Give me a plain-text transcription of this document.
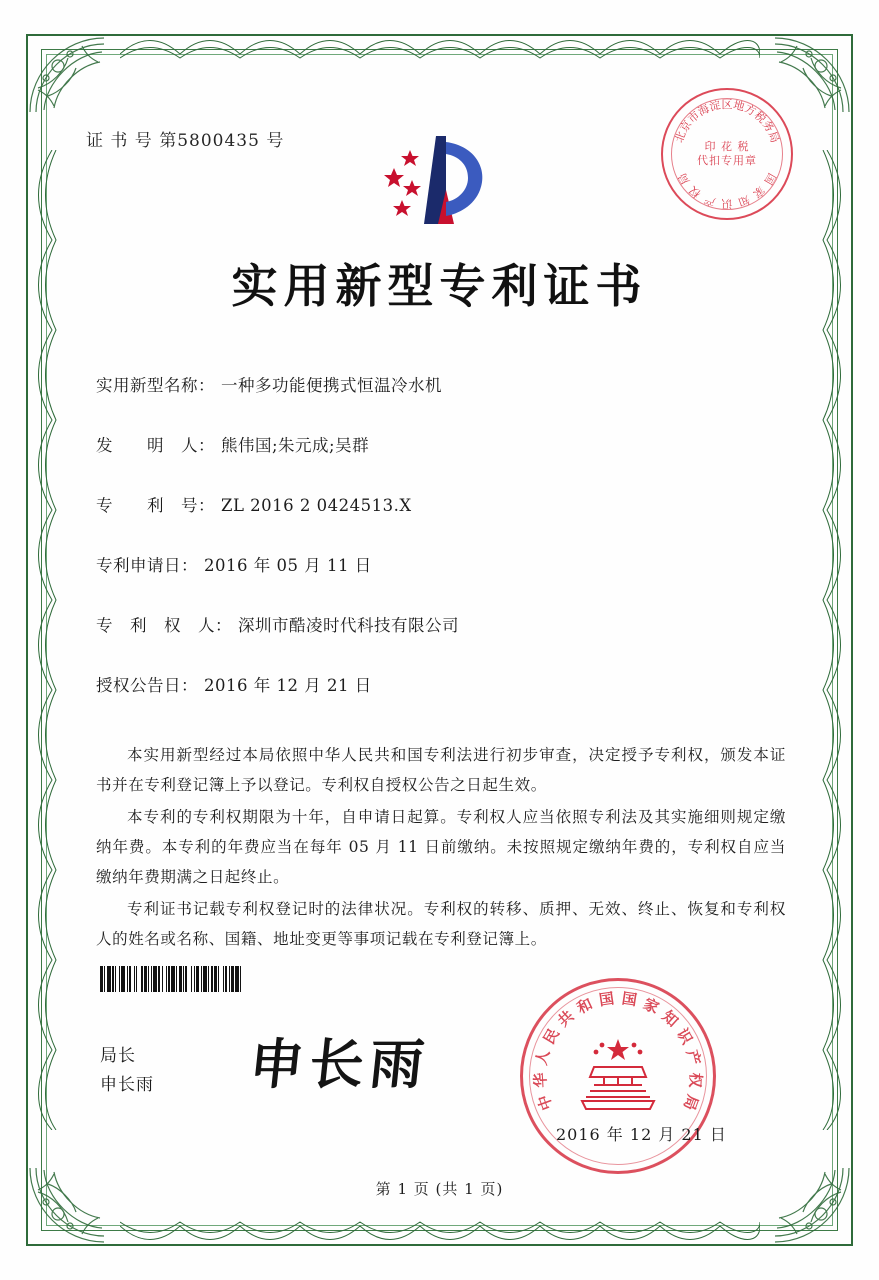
证 书 号 第5800435 号	印 花 税
代扣专用章
北
京
市
海
淀 区 地
方
税
务
局
国
家
知
识
产
权
局
实用新型专利证书
实用新型名称： 一种多功能便携式恒温冷水机
发　　明　人： 熊伟国;朱元成;吴群
专　　利　号： ZL 2016 2 0424513.X
专利申请日： 2016 年 05 月 11 日
专　利　权　人： 深圳市酷凌时代科技有限公司
授权公告日： 2016 年 12 月 21 日

本实用新型经过本局依照中华人民共和国专利法进行初步审查，决定授予专利权，颁发本证书并在专利登记簿上予以登记。专利权自授权公告之日起生效。

本专利的专利权期限为十年，自申请日起算。专利权人应当依照专利法及其实施细则规定缴纳年费。本专利的年费应当在每年 05 月 11 日前缴纳。未按照规定缴纳年费的，专利权自应当缴纳年费期满之日起终止。

专利证书记载专利权登记时的法律状况。专利权的转移、质押、无效、终止、恢复和专利权人的姓名或名称、国籍、地址变更等事项记载在专利登记簿上。

局长
申长雨 申长雨
中
华
人
民
共
和 国 国 家
知
识
产
权
局
2016 年 12 月 21 日
第 1 页 (共 1 页)
